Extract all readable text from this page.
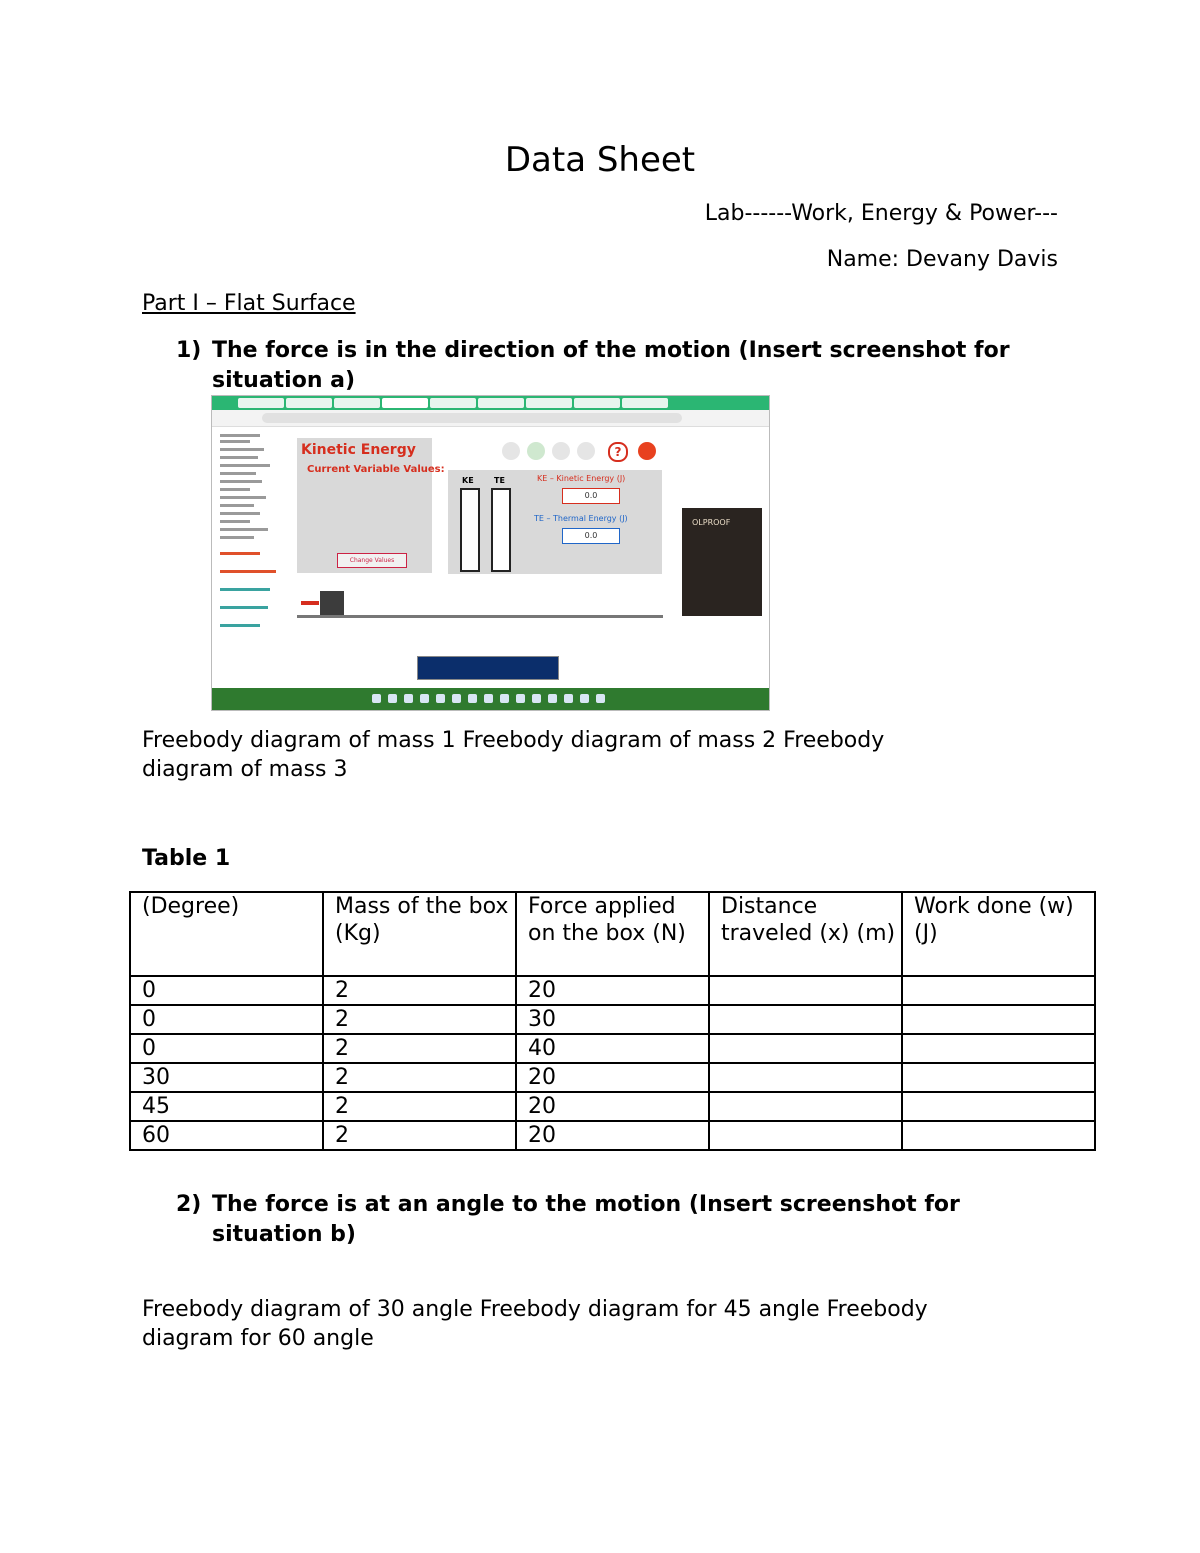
Data Sheet
Lab------Work, Energy & Power---
Name: Devany Davis
Part I – Flat Surface
1) The force is in the direction of the motion (Insert screenshot for situation a)
Kinetic Energy
Current Variable Values:
Change Values
?
KE	TE	KE – Kinetic Energy (J)
0.0
TE – Thermal Energy (J)
0.0
OLPROOF
Freebody diagram of mass 1 Freebody diagram of mass 2 Freebody diagram of mass 3
Table 1
(Degree)	Mass of the box (Kg)	Force applied on the box (N)	Distance traveled (x) (m)	Work done (w) (J)
0	2	20		
0	2	30		
0	2	40		
30	2	20		
45	2	20		
60	2	20		
2) The force is at an angle to the motion (Insert screenshot for situation b)
Freebody diagram of 30 angle Freebody diagram for 45 angle Freebody diagram for 60 angle
